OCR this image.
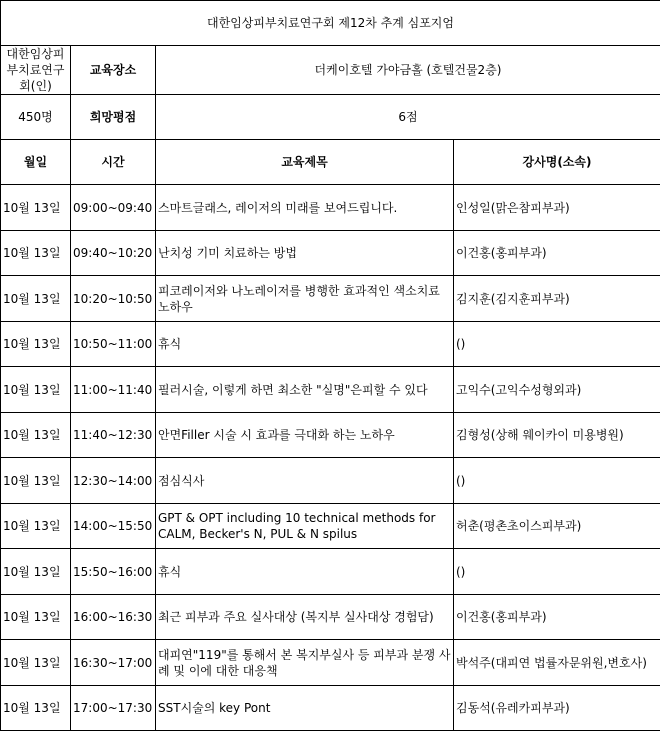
대한임상피부치료연구회 제12차 추계 심포지엄			
대한임상피부치료연구회(인)	교육장소	더케이호텔 가야금홀 (호텔건물2층)	
450명	희망평점	6점	
월일	시간	교육제목	강사명(소속)
10월 13일	09:00~09:40	스마트글래스, 레이저의 미래를 보여드립니다.	인성일(맑은참피부과)
10월 13일	09:40~10:20	난치성 기미 치료하는 방법	이건홍(홍피부과)
10월 13일	10:20~10:50	피코레이저와 나노레이저를 병행한 효과적인 색소치료 노하우	김지훈(김지훈피부과)
10월 13일	10:50~11:00	휴식	()
10월 13일	11:00~11:40	필러시술, 이렇게 하면 최소한 "실명"은피할 수 있다	고익수(고익수성형외과)
10월 13일	11:40~12:30	안면Filler 시술 시 효과를 극대화 하는 노하우	김형성(상해 웨이카이 미용병원)
10월 13일	12:30~14:00	점심식사	()
10월 13일	14:00~15:50	GPT & OPT including 10 technical methods for CALM, Becker's N, PUL & N spilus	허춘(평촌초이스피부과)
10월 13일	15:50~16:00	휴식	()
10월 13일	16:00~16:30	최근 피부과 주요 실사대상 (복지부 실사대상 경험담)	이건홍(홍피부과)
10월 13일	16:30~17:00	대피연"119"를 통해서 본 복지부실사 등 피부과 분쟁 사례 및 이에 대한 대응책	박석주(대피연 법률자문위원,변호사)
10월 13일	17:00~17:30	SST시술의 key Pont	김동석(유레카피부과)
